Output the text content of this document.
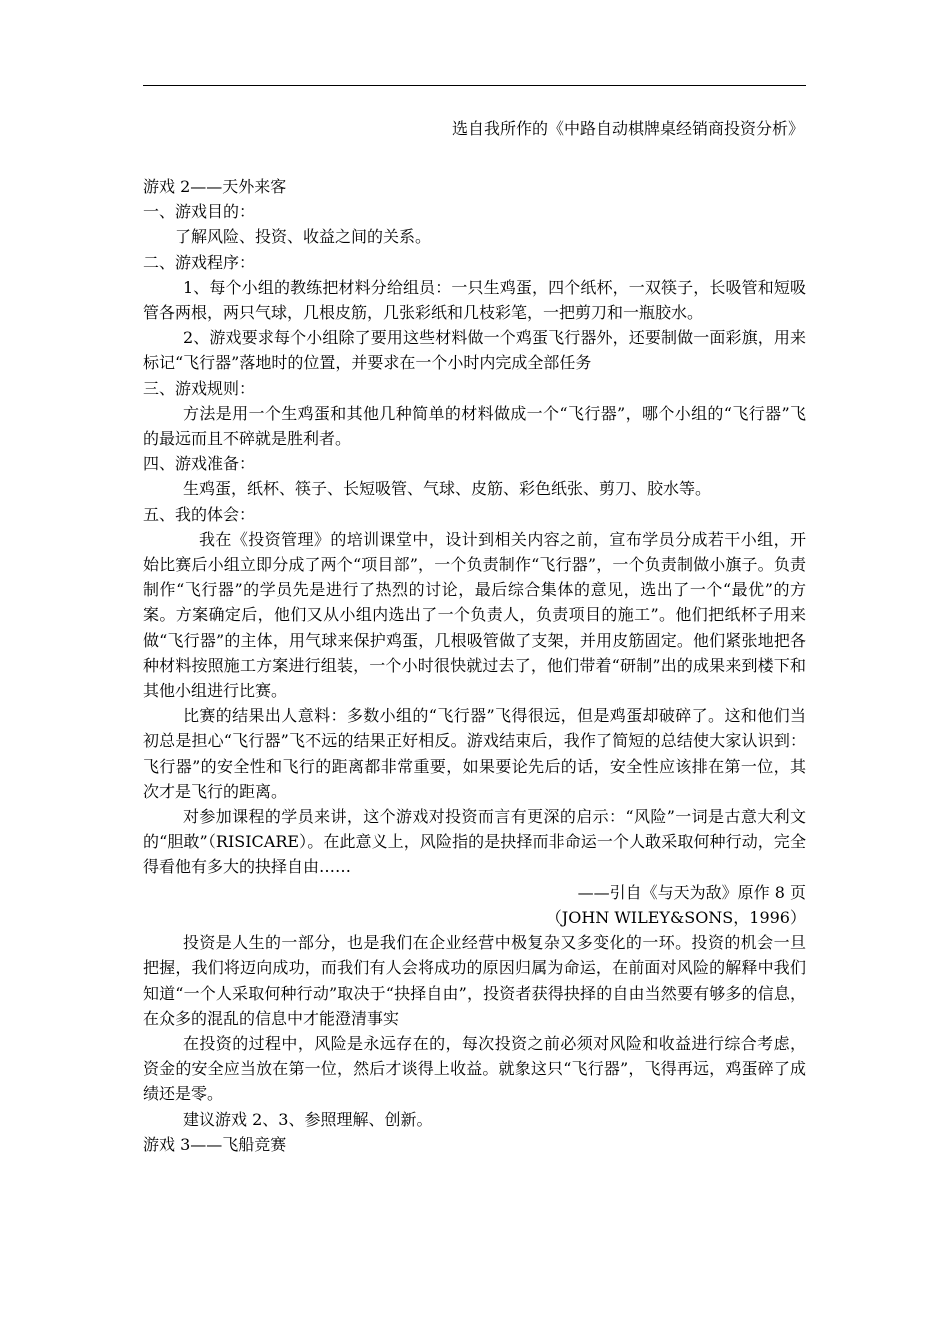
选自我所作的《中路自动棋牌桌经销商投资分析》

游戏 2——天外来客

一、游戏目的：

了解风险、投资、收益之间的关系。

二、游戏程序：

1、每个小组的教练把材料分给组员：一只生鸡蛋，四个纸杯，一双筷子，长吸管和短吸管各两根，两只气球，几根皮筋，几张彩纸和几枝彩笔，一把剪刀和一瓶胶水。

2、游戏要求每个小组除了要用这些材料做一个鸡蛋飞行器外，还要制做一面彩旗，用来标记“飞行器”落地时的位置，并要求在一个小时内完成全部任务

三、游戏规则：

方法是用一个生鸡蛋和其他几种简单的材料做成一个“飞行器”，哪个小组的“飞行器”飞的最远而且不碎就是胜利者。

四、游戏准备：

生鸡蛋，纸杯、筷子、长短吸管、气球、皮筋、彩色纸张、剪刀、胶水等。

五、我的体会：

我在《投资管理》的培训课堂中，设计到相关内容之前，宣布学员分成若干小组，开始比赛后小组立即分成了两个“项目部”，一个负责制作“飞行器”，一个负责制做小旗子。负责制作“飞行器”的学员先是进行了热烈的讨论，最后综合集体的意见，选出了一个“最优”的方案。方案确定后，他们又从小组内选出了一个负责人，负责项目的施工”。他们把纸杯子用来做“飞行器”的主体，用气球来保护鸡蛋，几根吸管做了支架，并用皮筋固定。他们紧张地把各种材料按照施工方案进行组装，一个小时很快就过去了，他们带着“研制”出的成果来到楼下和其他小组进行比赛。

比赛的结果出人意料：多数小组的“飞行器”飞得很远，但是鸡蛋却破碎了。这和他们当初总是担心“飞行器”飞不远的结果正好相反。游戏结束后，我作了简短的总结使大家认识到：飞行器”的安全性和飞行的距离都非常重要，如果要论先后的话，安全性应该排在第一位，其次才是飞行的距离。

对参加课程的学员来讲，这个游戏对投资而言有更深的启示：“风险”一词是古意大利文的“胆敢”（RISICARE）。在此意义上，风险指的是抉择而非命运一个人敢采取何种行动，完全得看他有多大的抉择自由……

——引自《与天为敌》原作 8 页

（JOHN WILEY&SONS，1996）

投资是人生的一部分，也是我们在企业经营中极复杂又多变化的一环。投资的机会一旦把握，我们将迈向成功，而我们有人会将成功的原因归属为命运，在前面对风险的解释中我们知道“一个人采取何种行动”取决于“抉择自由”，投资者获得抉择的自由当然要有够多的信息，在众多的混乱的信息中才能澄清事实

在投资的过程中，风险是永远存在的，每次投资之前必须对风险和收益进行综合考虑，资金的安全应当放在第一位，然后才谈得上收益。就象这只“飞行器”，飞得再远，鸡蛋碎了成绩还是零。

建议游戏 2、3、参照理解、创新。

游戏 3——飞船竞赛
